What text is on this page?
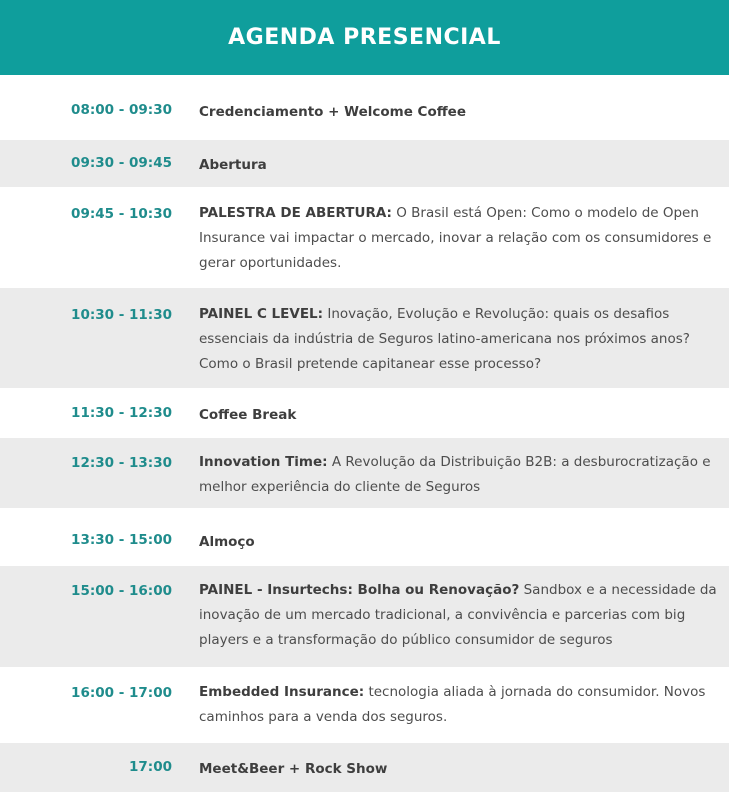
AGENDA PRESENCIAL
08:00 - 09:30 Credenciamento + Welcome Coffee
09:30 - 09:45 Abertura
09:45 - 10:30 PALESTRA DE ABERTURA: O Brasil está Open: Como o modelo de Open Insurance vai impactar o mercado, inovar a relação com os consumidores e gerar oportunidades.
10:30 - 11:30 PAINEL C LEVEL: Inovação, Evolução e Revolução: quais os desafios essenciais da indústria de Seguros latino-americana nos próximos anos? Como o Brasil pretende capitanear esse processo?
11:30 - 12:30 Coffee Break
12:30 - 13:30 Innovation Time: A Revolução da Distribuição B2B: a desburocratização e melhor experiência do cliente de Seguros
13:30 - 15:00 Almoço
15:00 - 16:00 PAINEL - Insurtechs: Bolha ou Renovação? Sandbox e a necessidade da inovação de um mercado tradicional, a convivência e parcerias com big players e a transformação do público consumidor de seguros
16:00 - 17:00 Embedded Insurance: tecnologia aliada à jornada do consumidor. Novos caminhos para a venda dos seguros.
17:00 Meet&Beer + Rock Show
